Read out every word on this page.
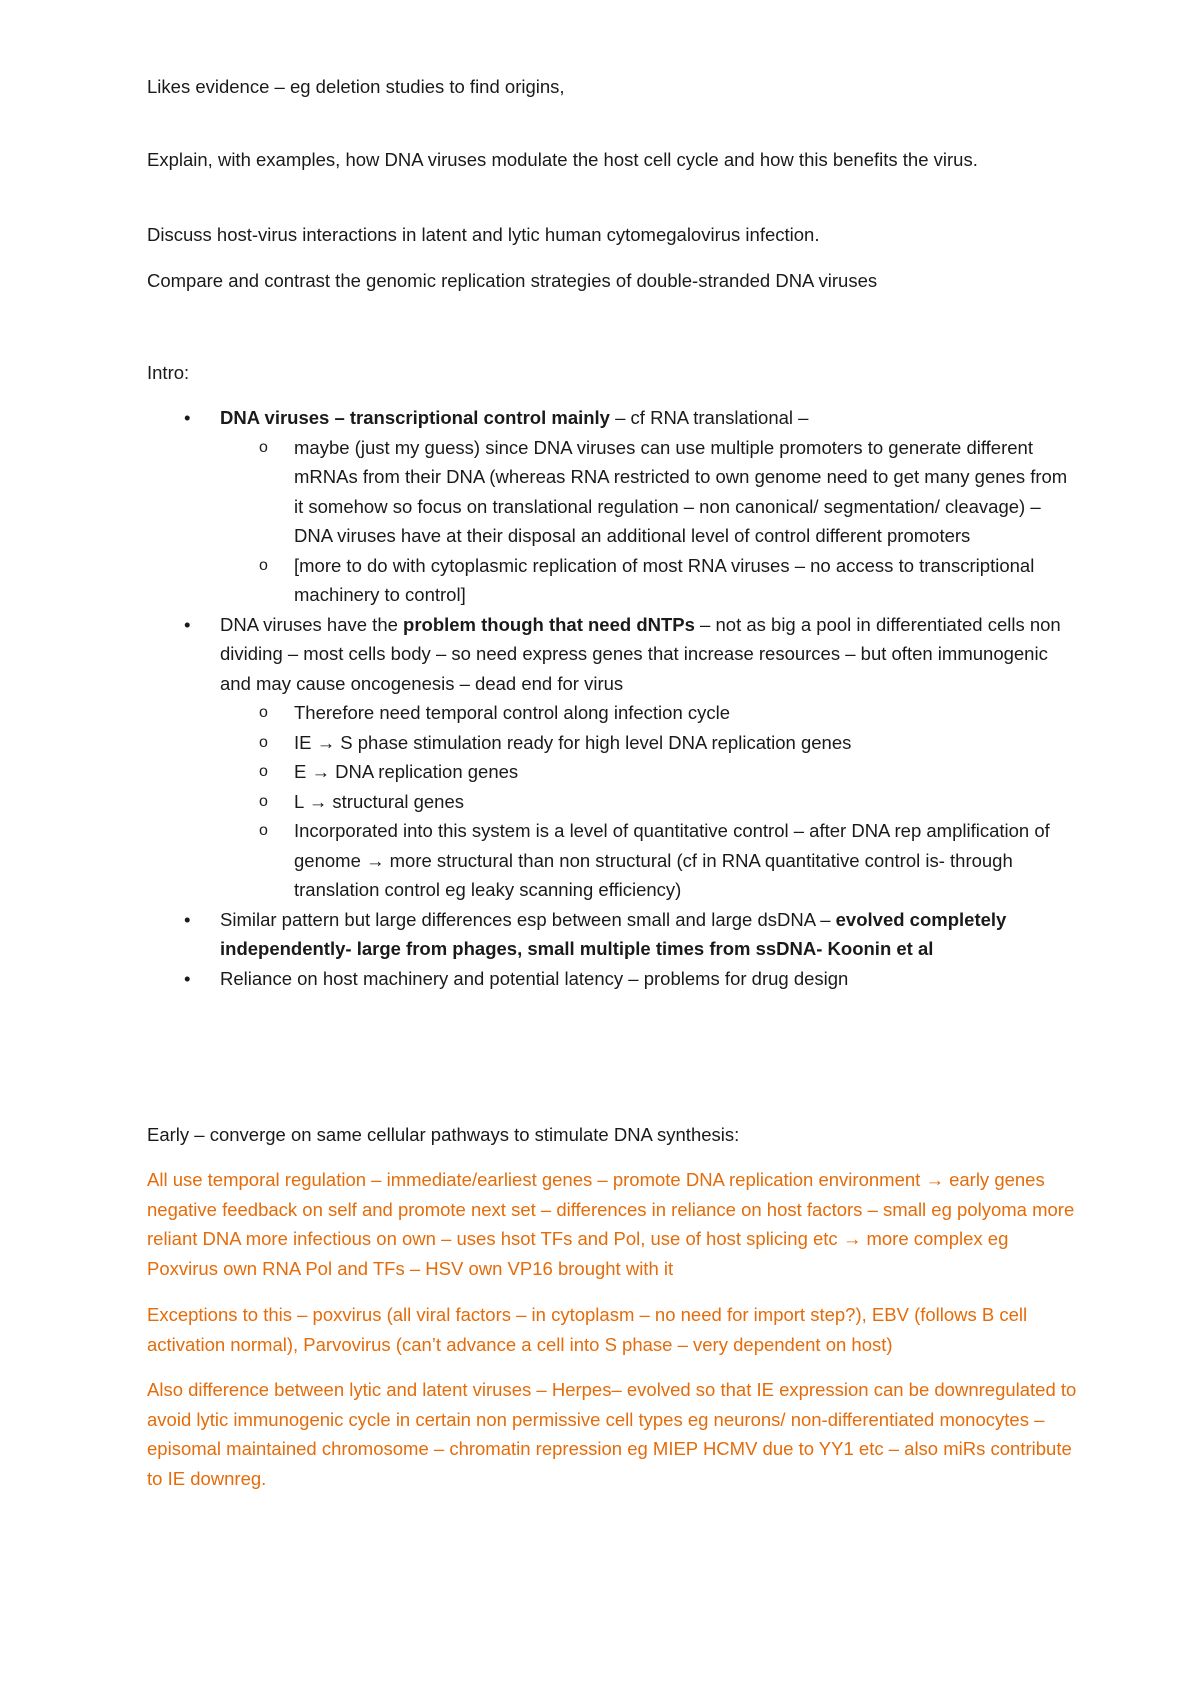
Likes evidence – eg deletion studies to find origins,

Explain, with examples, how DNA viruses modulate the host cell cycle and how this benefits the virus.

Discuss host-virus interactions in latent and lytic human cytomegalovirus infection.

Compare and contrast the genomic replication strategies of double-stranded DNA viruses

Intro:

• DNA viruses – transcriptional control mainly – cf RNA translational –
o maybe (just my guess) since DNA viruses can use multiple promoters to generate different mRNAs from their DNA (whereas RNA restricted to own genome need to get many genes from it somehow so focus on translational regulation – non canonical/ segmentation/ cleavage) – DNA viruses have at their disposal an additional level of control different promoters
o [more to do with cytoplasmic replication of most RNA viruses – no access to transcriptional machinery to control]
• DNA viruses have the problem though that need dNTPs – not as big a pool in differentiated cells non dividing – most cells body – so need express genes that increase resources – but often immunogenic and may cause oncogenesis – dead end for virus
o Therefore need temporal control along infection cycle
o IE → S phase stimulation ready for high level DNA replication genes
o E → DNA replication genes
o L → structural genes
o Incorporated into this system is a level of quantitative control – after DNA rep amplification of genome → more structural than non structural (cf in RNA quantitative control is- through translation control eg leaky scanning efficiency)
• Similar pattern but large differences esp between small and large dsDNA – evolved completely independently- large from phages, small multiple times from ssDNA- Koonin et al
• Reliance on host machinery and potential latency – problems for drug design

Early – converge on same cellular pathways to stimulate DNA synthesis:

All use temporal regulation – immediate/earliest genes – promote DNA replication environment → early genes negative feedback on self and promote next set – differences in reliance on host factors – small eg polyoma more reliant DNA more infectious on own – uses hsot TFs and Pol, use of host splicing etc → more complex eg Poxvirus own RNA Pol and TFs – HSV own VP16 brought with it

Exceptions to this – poxvirus (all viral factors – in cytoplasm – no need for import step?), EBV (follows B cell activation normal), Parvovirus (can’t advance a cell into S phase – very dependent on host)

Also difference between lytic and latent viruses – Herpes– evolved so that IE expression can be downregulated to avoid lytic immunogenic cycle in certain non permissive cell types eg neurons/ non-differentiated monocytes – episomal maintained chromosome – chromatin repression eg MIEP HCMV due to YY1 etc – also miRs contribute to IE downreg.
